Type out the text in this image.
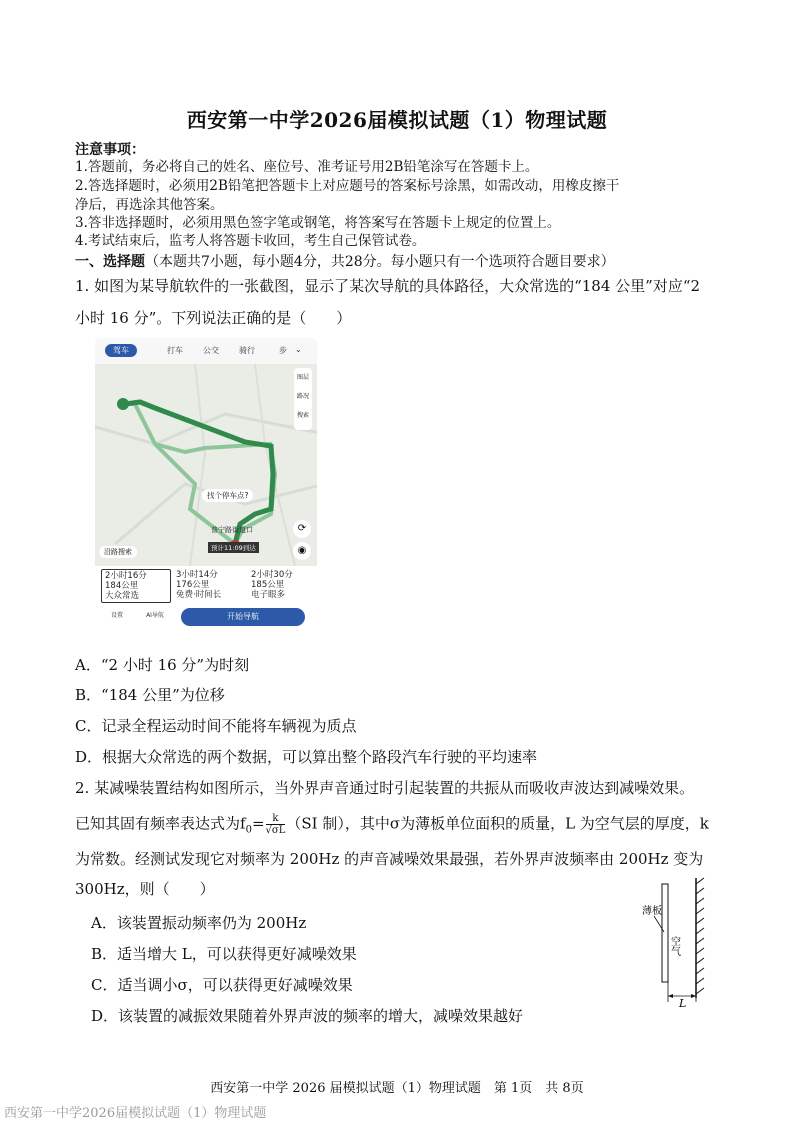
西安第一中学2026届模拟试题（1）物理试题
注意事项：
1.答题前，务必将自己的姓名、座位号、准考证号用2B铅笔涂写在答题卡上。
2.答选择题时，必须用2B铅笔把答题卡上对应题号的答案标号涂黑，如需改动，用橡皮擦干
净后，再选涂其他答案。
3.答非选择题时，必须用黑色签字笔或钢笔，将答案写在答题卡上规定的位置上。
4.考试结束后，监考人将答题卡收回，考生自己保管试卷。
一、选择题（本题共7小题，每小题4分，共28分。每小题只有一个选项符合题目要求）
1. 如图为某导航软件的一张截图，显示了某次导航的具体路径，大众常选的“184 公里”对应“2
小时 16 分”。下列说法正确的是（　　）
驾车	打车	公交	骑行	步 ⌄
图层
路况
搜索
找个停车点?
普宁路街道口
预计11:09到达
沿路搜索
⟳
◉
2小时16分
184公里
大众常选
3小时14分
176公里
免费·时间长
2小时30分
185公里
电子眼多
设置	AI导航	开始导航
A．“2 小时 16 分”为时刻
B．“184 公里”为位移
C．记录全程运动时间不能将车辆视为质点
D．根据大众常选的两个数据，可以算出整个路段汽车行驶的平均速率
2. 某减噪装置结构如图所示，当外界声音通过时引起装置的共振从而吸收声波达到减噪效果。
已知其固有频率表达式为$f_0= \frac{k}{√\sigma L} (SI$ 制），其中σ为薄板单位面积的质量，L 为空气层的厚度，k
为常数。经测试发现它对频率为 200Hz 的声音减噪效果最强，若外界声波频率由 200Hz 变为
300Hz，则（　　）
A．该装置振动频率仍为 200Hz
B．适当增大 L，可以获得更好减噪效果
C．适当调小σ，可以获得更好减噪效果
D．该装置的减振效果随着外界声波的频率的增大，减噪效果越好
薄板
空气
L
西安第一中学 2026 届模拟试题（1）物理试题　第 1页　共 8页
西安第一中学2026届模拟试题（1）物理试题
